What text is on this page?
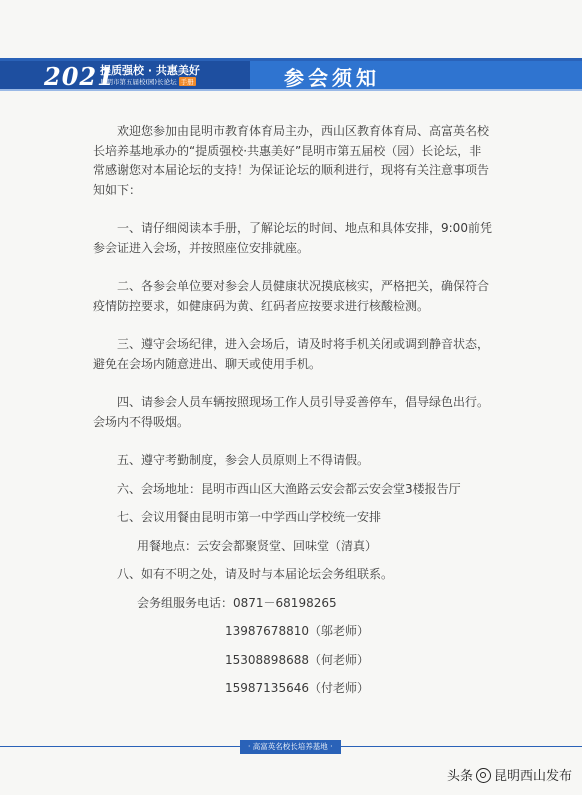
2021
提质强校 · 共惠美好
昆明市第五届校(园)长论坛 手册	参会须知

欢迎您参加由昆明市教育体育局主办，西山区教育体育局、高富英名校长培养基地承办的“提质强校·共惠美好”昆明市第五届校（园）长论坛，非常感谢您对本届论坛的支持！为保证论坛的顺利进行，现将有关注意事项告知如下：

一、请仔细阅读本手册，了解论坛的时间、地点和具体安排，9:00前凭参会证进入会场，并按照座位安排就座。

二、各参会单位要对参会人员健康状况摸底核实，严格把关，确保符合疫情防控要求，如健康码为黄、红码者应按要求进行核酸检测。

三、遵守会场纪律，进入会场后，请及时将手机关闭或调到静音状态，避免在会场内随意进出、聊天或使用手机。

四、请参会人员车辆按照现场工作人员引导妥善停车，倡导绿色出行。会场内不得吸烟。

五、遵守考勤制度，参会人员原则上不得请假。

六、会场地址：昆明市西山区大渔路云安会都云安会堂3楼报告厅

七、会议用餐由昆明市第一中学西山学校统一安排

用餐地点：云安会都聚贤堂、回味堂（清真）

八、如有不明之处，请及时与本届论坛会务组联系。

会务组服务电话：0871－68198265

13987678810（邬老师）

15308898688（何老师）

15987135646（付老师）

· 高富英名校长培养基地 ·
头条 昆明西山发布
